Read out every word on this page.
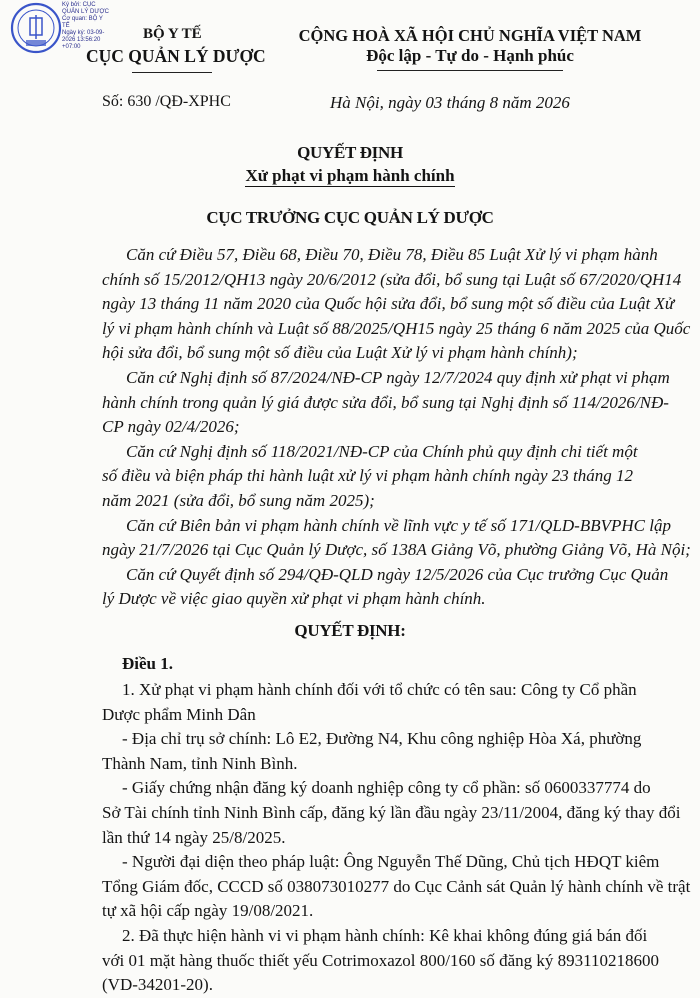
Ký bởi: CỤC
QUẢN LÝ DƯỢC
Cơ quan: BỘ Y
TẾ
Ngày ký: 03-09-
2026 13:56:20
+07:00
BỘ Y TẾ
CỤC QUẢN LÝ DƯỢC
CỘNG HOÀ XÃ HỘI CHỦ NGHĨA VIỆT NAM
Độc lập - Tự do - Hạnh phúc
Số: 630 /QĐ-XPHC	Hà Nội, ngày 03 tháng 8 năm 2026
QUYẾT ĐỊNH
Xử phạt vi phạm hành chính
CỤC TRƯỞNG CỤC QUẢN LÝ DƯỢC
Căn cứ Điều 57, Điều 68, Điều 70, Điều 78, Điều 85 Luật Xử lý vi phạm hành
chính số 15/2012/QH13 ngày 20/6/2012 (sửa đổi, bổ sung tại Luật số 67/2020/QH14
ngày 13 tháng 11 năm 2020 của Quốc hội sửa đổi, bổ sung một số điều của Luật Xử
lý vi phạm hành chính và Luật số 88/2025/QH15 ngày 25 tháng 6 năm 2025 của Quốc
hội sửa đổi, bổ sung một số điều của Luật Xử lý vi phạm hành chính);
Căn cứ Nghị định số 87/2024/NĐ-CP ngày 12/7/2024 quy định xử phạt vi phạm
hành chính trong quản lý giá được sửa đổi, bổ sung tại Nghị định số 114/2026/NĐ-
CP ngày 02/4/2026;
Căn cứ Nghị định số 118/2021/NĐ-CP của Chính phủ quy định chi tiết một
số điều và biện pháp thi hành luật xử lý vi phạm hành chính ngày 23 tháng 12
năm 2021 (sửa đổi, bổ sung năm 2025);
Căn cứ Biên bản vi phạm hành chính về lĩnh vực y tế số 171/QLD-BBVPHC lập
ngày 21/7/2026 tại Cục Quản lý Dược, số 138A Giảng Võ, phường Giảng Võ, Hà Nội;
Căn cứ Quyết định số 294/QĐ-QLD ngày 12/5/2026 của Cục trưởng Cục Quản
lý Dược về việc giao quyền xử phạt vi phạm hành chính.
QUYẾT ĐỊNH:
Điều 1.
1. Xử phạt vi phạm hành chính đối với tổ chức có tên sau: Công ty Cổ phần
Dược phẩm Minh Dân
- Địa chỉ trụ sở chính: Lô E2, Đường N4, Khu công nghiệp Hòa Xá, phường
Thành Nam, tỉnh Ninh Bình.
- Giấy chứng nhận đăng ký doanh nghiệp công ty cổ phần: số 0600337774 do
Sở Tài chính tỉnh Ninh Bình cấp, đăng ký lần đầu ngày 23/11/2004, đăng ký thay đổi
lần thứ 14 ngày 25/8/2025.
- Người đại diện theo pháp luật: Ông Nguyễn Thế Dũng, Chủ tịch HĐQT kiêm
Tổng Giám đốc, CCCD số 038073010277 do Cục Cảnh sát Quản lý hành chính về trật
tự xã hội cấp ngày 19/08/2021.
2. Đã thực hiện hành vi vi phạm hành chính: Kê khai không đúng giá bán đối
với 01 mặt hàng thuốc thiết yếu Cotrimoxazol 800/160 số đăng ký 893110218600
(VD-34201-20).
